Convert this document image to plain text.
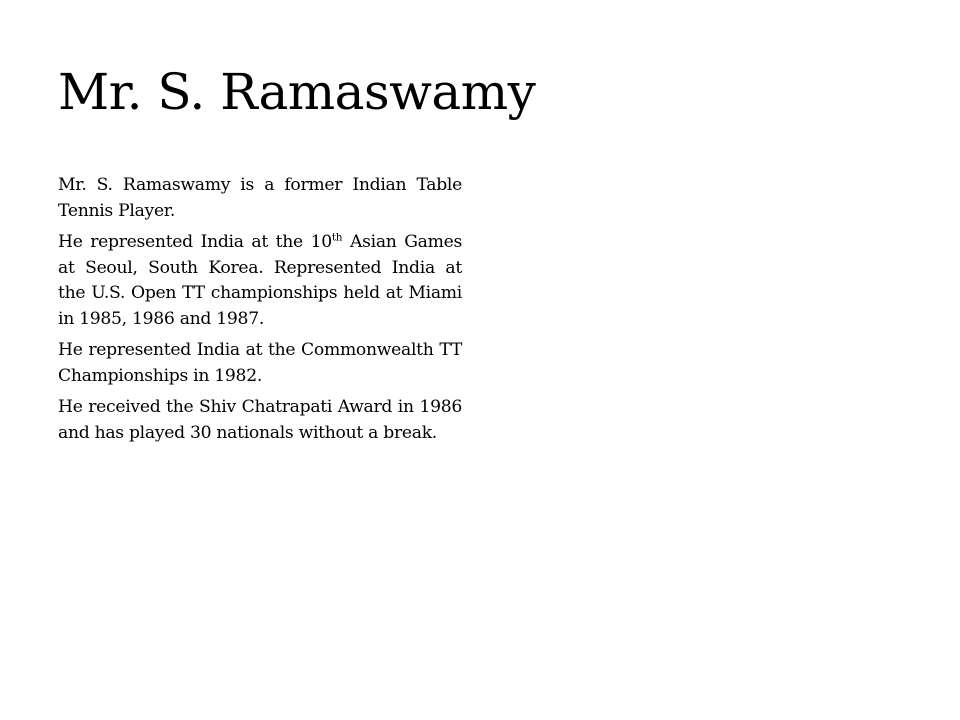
Mr. S. Ramaswamy

Mr. S. Ramaswamy is a former Indian Table Tennis Player.

He represented India at the 10th Asian Games at Seoul, South Korea. Represented India at the U.S. Open TT championships held at Miami in 1985, 1986 and 1987.

He represented India at the Commonwealth TT Championships in 1982.

He received the Shiv Chatrapati Award in 1986 and has played 30 nationals without a break.
